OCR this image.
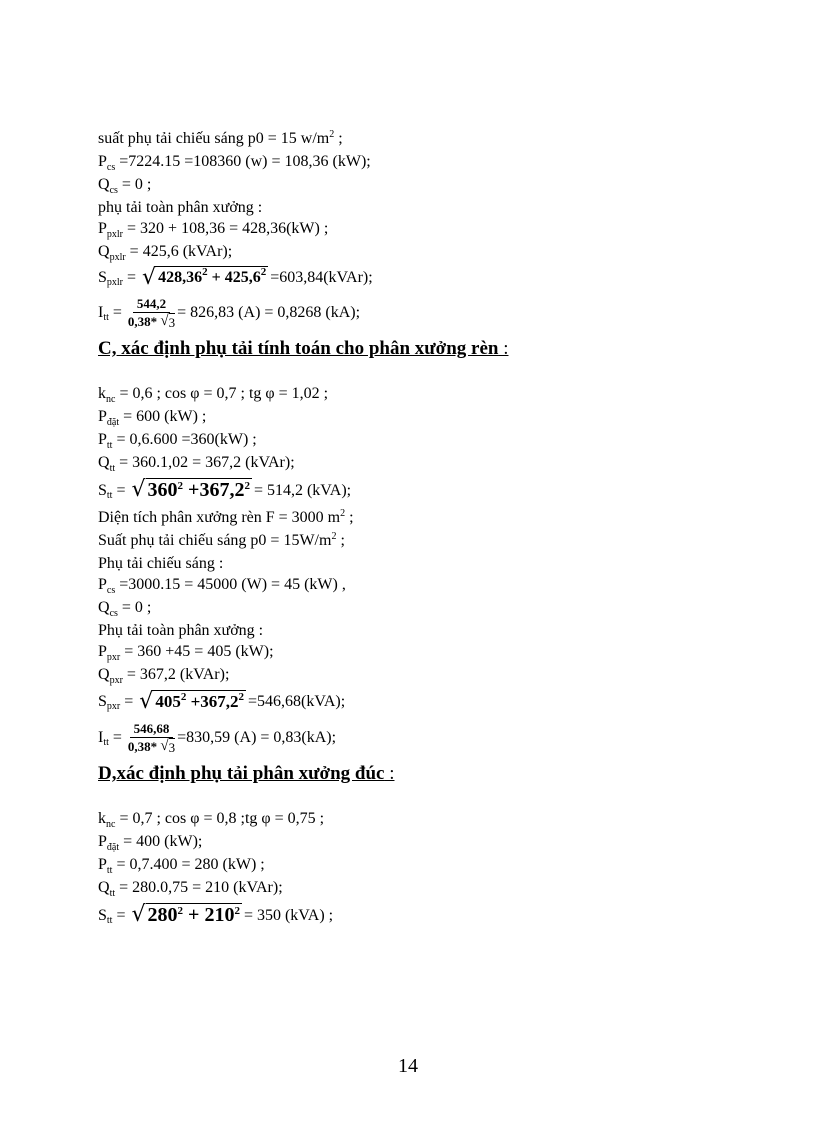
suất phụ tải chiếu sáng p0 = 15 $w/m^2$ ;
$P_{cs} =7224.15 =108360$ (w) = 108,36 (kW);
$Q_{cs} = 0$ ;
phụ tải toàn phân xưởng :
$P_{pxlr} = 320 + 108,36 = 428,36(kW)$ ;
$Q_{pxlr} = 425,6$ (kVAr);
S pxlr = √ $428,36^2 + 425,6^2$ =603,84(kVAr);
I tt = $\frac{544,2}{0,38* √ 3} = 826,83$ (A) = 0,8268 (kA);
C, xác định phụ tải tính toán cho phân xưởng rèn :
$k_{nc} = 0,6$ ; cos φ = 0,7 ; tg φ = 1,02 ;
$P_{đặt} = 600$ (kW) ;
$P_{tt} = 0,6.600 =360(kW)$ ;
$Q_{tt} = 360.1,02 = 367,2$ (kVAr);
S tt = √ $360^2 +367,2^2 = 514,2$ (kVA);
Diện tích phân xưởng rèn F = 3000 $m^2$ ;
Suất phụ tải chiếu sáng $p0 = 15W/m^2$ ;
Phụ tải chiếu sáng :
$P_{cs} =3000.15 = 45000$ (W) = 45 (kW) ,
$Q_{cs} = 0$ ;
Phụ tải toàn phân xưởng :
$P_{pxr} = 360 +45 = 405$ (kW);
$Q_{pxr} = 367,2$ (kVAr);
S pxr = √ $405^2 +367,2^2 =546,68(kVA)$;
I tt = $\frac{546,68}{0,38* √ 3} =830,59$ (A) = 0,83(kA);
D,xác định phụ tải phân xưởng đúc :
$k_{nc} = 0,7$ ; cos φ = 0,8 ;tg φ = 0,75 ;
$P_{đặt} = 400$ (kW);
$P_{tt} = 0,7.400 = 280$ (kW) ;
$Q_{tt} = 280.0,75 = 210$ (kVAr);
S tt = √ $280^2 + 210^2 = 350$ (kVA) ;
14
